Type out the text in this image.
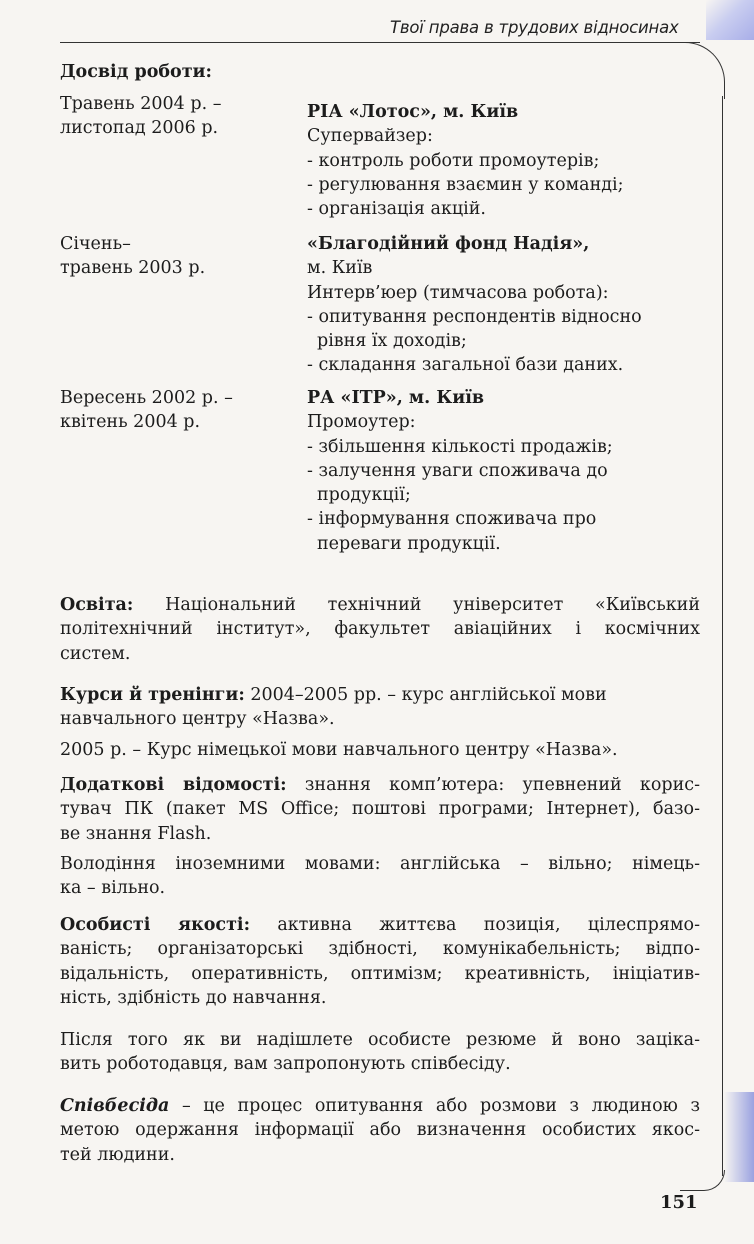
Твої права в трудових відносинах
Досвід роботи:
Травень 2004 р. –
листопад 2006 р.
РІА «Лотос», м. Київ
Супервайзер:
- контроль роботи промоутерів;
- регулювання взаємин у команді;
- організація акцій.
Січень–
травень 2003 р.
«Благодійний фонд Надія»,
м. Київ
Интерв’юер (тимчасова робота):
- опитування респондентів відносно
рівня їх доходів;
- складання загальної бази даних.
Вересень 2002 р. –
квітень 2004 р.
РА «ІТР», м. Київ
Промоутер:
- збільшення кількості продажів;
- залучення уваги споживача до
продукції;
- інформування споживача про
переваги продукції.
Освіта: Національний технічний університет «Київський
політехнічний інститут», факультет авіаційних і космічних
систем.
Курси й тренінги: 2004–2005 рр. – курс англійської мови
навчального центру «Назва».
2005 р. – Курс німецької мови навчального центру «Назва».
Додаткові відомості: знання комп’ютера: упевнений корис-
тувач ПК (пакет MS Office; поштові програми; Інтернет), базо-
ве знання Flash.
Володіння іноземними мовами: англійська – вільно; німець-
ка – вільно.
Особисті якості: активна життєва позиція, цілеспрямо-
ваність; організаторські здібності, комунікабельність; відпо-
відальність, оперативність, оптимізм; креативність, ініціатив-
ність, здібність до навчання.
Після того як ви надішлете особисте резюме й воно заціка-
вить роботодавця, вам запропонують співбесіду.
Співбесіда – це процес опитування або розмови з людиною з
метою одержання інформації або визначення особистих якос-
тей людини.
151
